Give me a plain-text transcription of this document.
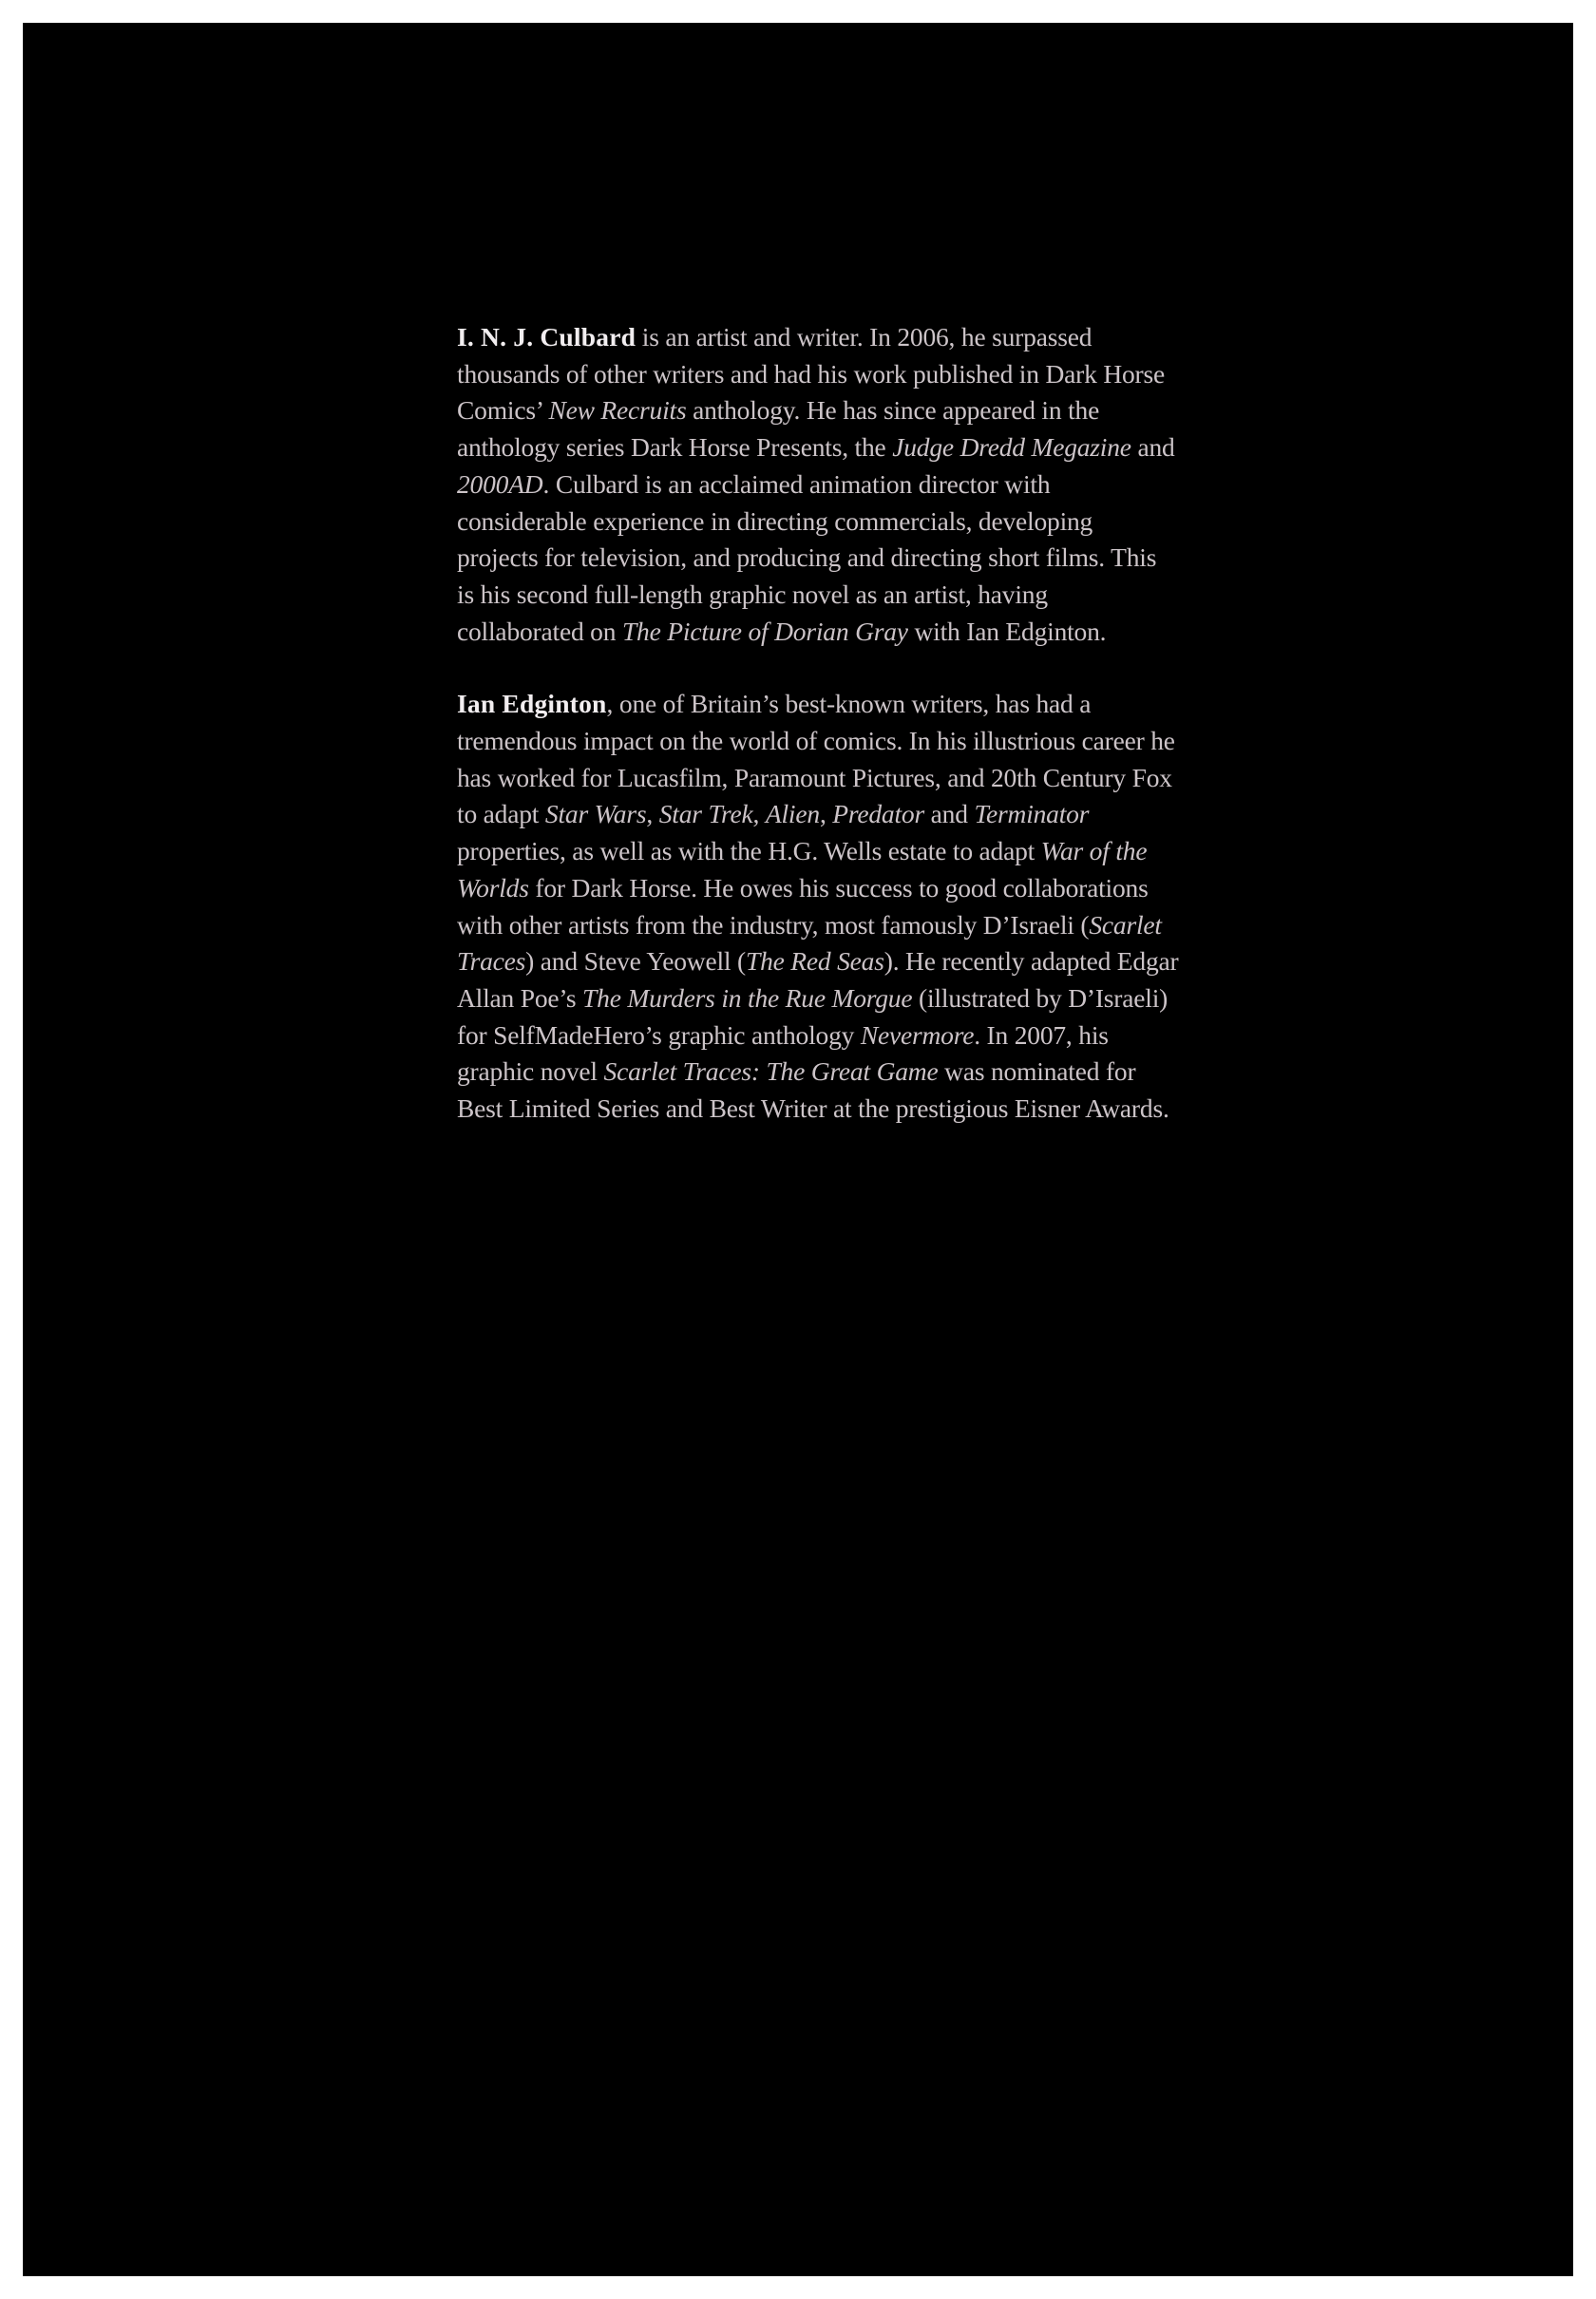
I. N. J. Culbard is an artist and writer. In 2006, he surpassed thousands of other writers and had his work published in Dark Horse Comics’ New Recruits anthology. He has since appeared in the anthology series Dark Horse Presents, the Judge Dredd Megazine and 2000AD. Culbard is an acclaimed animation director with considerable experience in directing commercials, developing projects for television, and producing and directing short films. This is his second full-length graphic novel as an artist, having collaborated on The Picture of Dorian Gray with Ian Edginton.

Ian Edginton, one of Britain’s best-known writers, has had a tremendous impact on the world of comics. In his illustrious career he has worked for Lucasfilm, Paramount Pictures, and 20th Century Fox to adapt Star Wars, Star Trek, Alien, Predator and Terminator properties, as well as with the H.G. Wells estate to adapt War of the Worlds for Dark Horse. He owes his success to good collaborations with other artists from the industry, most famously D’Israeli (Scarlet Traces) and Steve Yeowell (The Red Seas). He recently adapted Edgar Allan Poe’s The Murders in the Rue Morgue (illustrated by D’Israeli) for SelfMadeHero’s graphic anthology Nevermore. In 2007, his graphic novel Scarlet Traces: The Great Game was nominated for Best Limited Series and Best Writer at the prestigious Eisner Awards.
